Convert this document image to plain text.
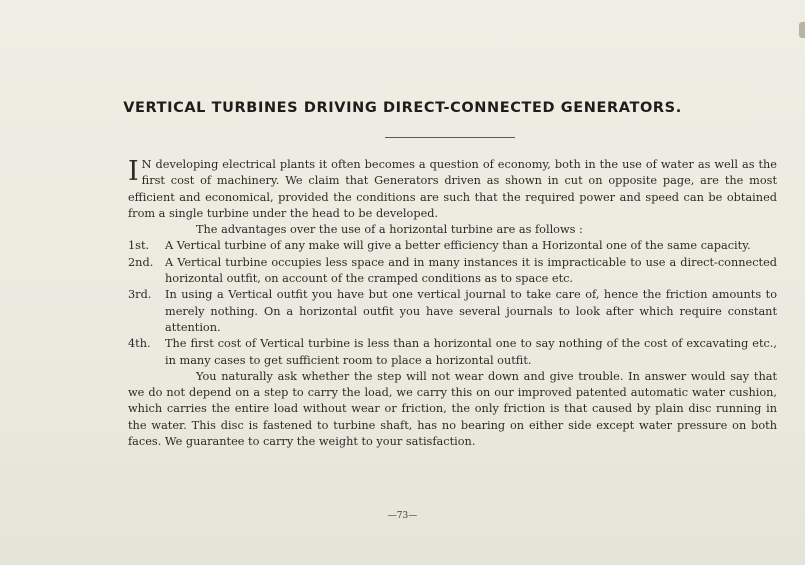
VERTICAL TURBINES DRIVING DIRECT-CONNECTED GENERATORS.

I N developing electrical plants it often becomes a question of economy, both in the use of water as well as the first cost of machinery. We claim that Generators driven as shown in cut on opposite page, are the most efficient and economical, provided the conditions are such that the required power and speed can be obtained from a single turbine under the head to be developed.

The advantages over the use of a horizontal turbine are as follows :

1st. A Vertical turbine of any make will give a better efficiency than a Horizontal one of the same capacity.

2nd. A Vertical turbine occupies less space and in many instances it is impracticable to use a direct-connected horizontal outfit, on account of the cramped conditions as to space etc.

3rd. In using a Vertical outfit you have but one vertical journal to take care of, hence the friction amounts to merely nothing. On a horizontal outfit you have several journals to look after which require constant attention.

4th. The first cost of Vertical turbine is less than a horizontal one to say nothing of the cost of excavating etc., in many cases to get sufficient room to place a horizontal outfit.

You naturally ask whether the step will not wear down and give trouble. In answer would say that we do not depend on a step to carry the load, we carry this on our improved patented automatic water cushion, which carries the entire load without wear or friction, the only friction is that caused by plain disc running in the water. This disc is fastened to turbine shaft, has no bearing on either side except water pressure on both faces. We guarantee to carry the weight to your satisfaction.

—73—
